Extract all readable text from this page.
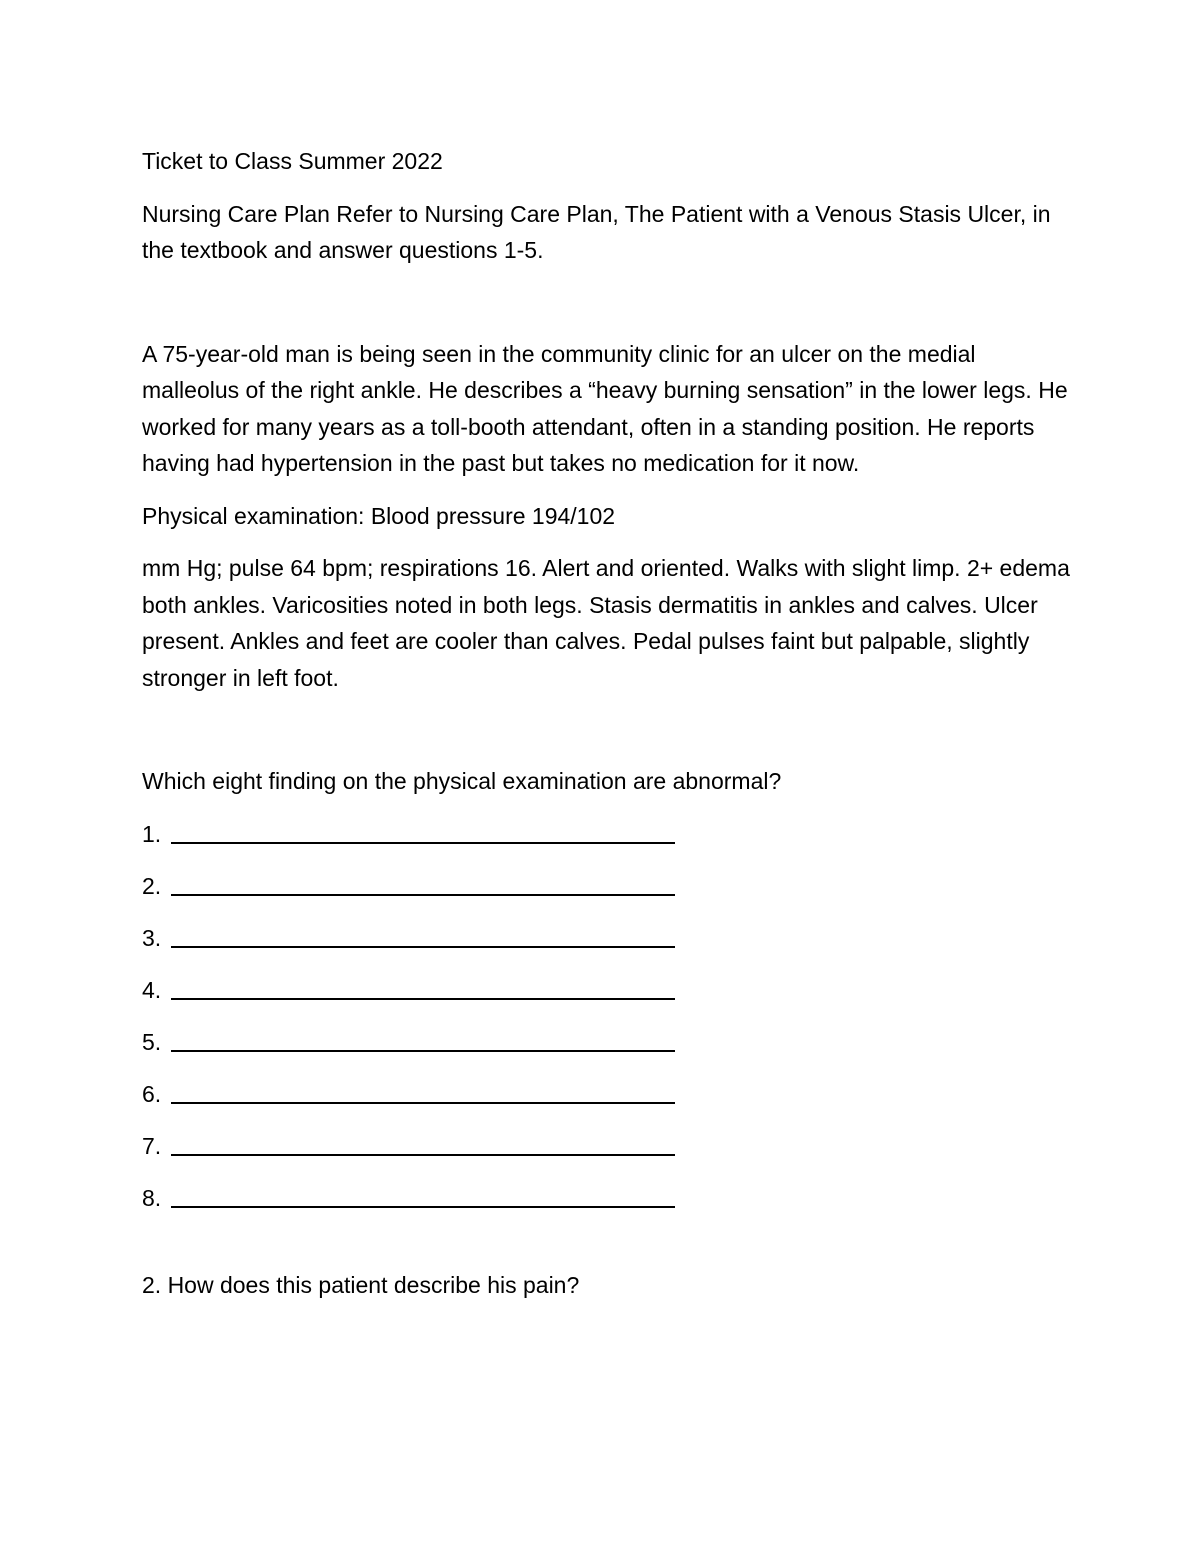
Ticket to Class Summer 2022

Nursing Care Plan Refer to Nursing Care Plan, The Patient with a Venous Stasis Ulcer, in the textbook and answer questions 1-5.

A 75-year-old man is being seen in the community clinic for an ulcer on the medial malleolus of the right ankle. He describes a “heavy burning sensation” in the lower legs. He worked for many years as a toll-booth attendant, often in a standing position. He reports having had hypertension in the past but takes no medication for it now.

Physical examination: Blood pressure 194/102

mm Hg; pulse 64 bpm; respirations 16. Alert and oriented. Walks with slight limp. 2+ edema both ankles. Varicosities noted in both legs. Stasis dermatitis in ankles and calves. Ulcer present. Ankles and feet are cooler than calves. Pedal pulses faint but palpable, slightly stronger in left foot.

Which eight finding on the physical examination are abnormal?

1.
2.
3.
4.
5.
6.
7.
8.

2. How does this patient describe his pain?
